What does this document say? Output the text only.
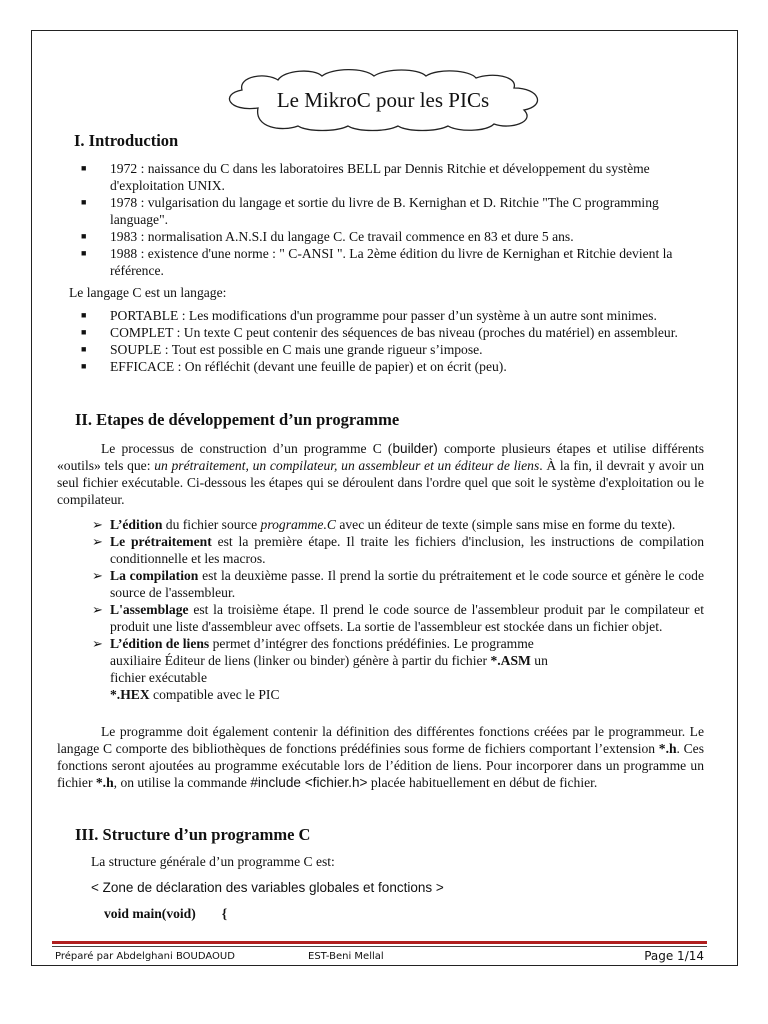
Le MikroC pour les PICs
I. Introduction
■ 1972 : naissance du C dans les laboratoires BELL par Dennis Ritchie et développement du système d'exploitation UNIX.
■ 1978 : vulgarisation du langage et sortie du livre de B. Kernighan et D. Ritchie "The C programming language".
■ 1983 : normalisation A.N.S.I du langage C. Ce travail commence en 83 et dure 5 ans.
■ 1988 : existence d'une norme : " C-ANSI ". La 2ème édition du livre de Kernighan et Ritchie devient la référence.
Le langage C est un langage:
■ PORTABLE : Les modifications d'un programme pour passer d’un système à un autre sont minimes.
■ COMPLET : Un texte C peut contenir des séquences de bas niveau (proches du matériel) en assembleur.
■ SOUPLE : Tout est possible en C mais une grande rigueur s’impose.
■ EFFICACE : On réfléchit (devant une feuille de papier) et on écrit (peu).
II. Etapes de développement d’un programme
Le processus de construction d’un programme C (builder) comporte plusieurs étapes et utilise différents «outils» tels que: un prétraitement, un compilateur, un assembleur et un éditeur de liens. À la fin, il devrait y avoir un seul fichier exécutable. Ci-dessous les étapes qui se déroulent dans l'ordre quel que soit le système d'exploitation ou le compilateur.
➢ L’édition du fichier source programme.C avec un éditeur de texte (simple sans mise en forme du texte).
➢ Le prétraitement est la première étape. Il traite les fichiers d'inclusion, les instructions de compilation conditionnelle et les macros.
➢ La compilation est la deuxième passe. Il prend la sortie du prétraitement et le code source et génère le code source de l'assembleur.
➢ L'assemblage est la troisième étape. Il prend le code source de l'assembleur produit par le compilateur et produit une liste d'assembleur avec offsets. La sortie de l'assembleur est stockée dans un fichier objet.
➢ L’édition de liens permet d’intégrer des fonctions prédéfinies. Le programme auxiliaire Éditeur de liens (linker ou binder) génère à partir du fichier *.ASM un fichier exécutable
*.HEX compatible avec le PIC
Le programme doit également contenir la définition des différentes fonctions créées par le programmeur. Le langage C comporte des bibliothèques de fonctions prédéfinies sous forme de fichiers comportant l’extension *.h. Ces fonctions seront ajoutées au programme exécutable lors de l’édition de liens. Pour incorporer dans un programme un fichier *.h, on utilise la commande #include <fichier.h> placée habituellement en début de fichier.
III. Structure d’un programme C
La structure générale d’un programme C est:
< Zone de déclaration des variables globales et fonctions >
void main(void) {
Préparé par Abdelghani BOUDAOUD	EST-Beni Mellal	Page 1/14
